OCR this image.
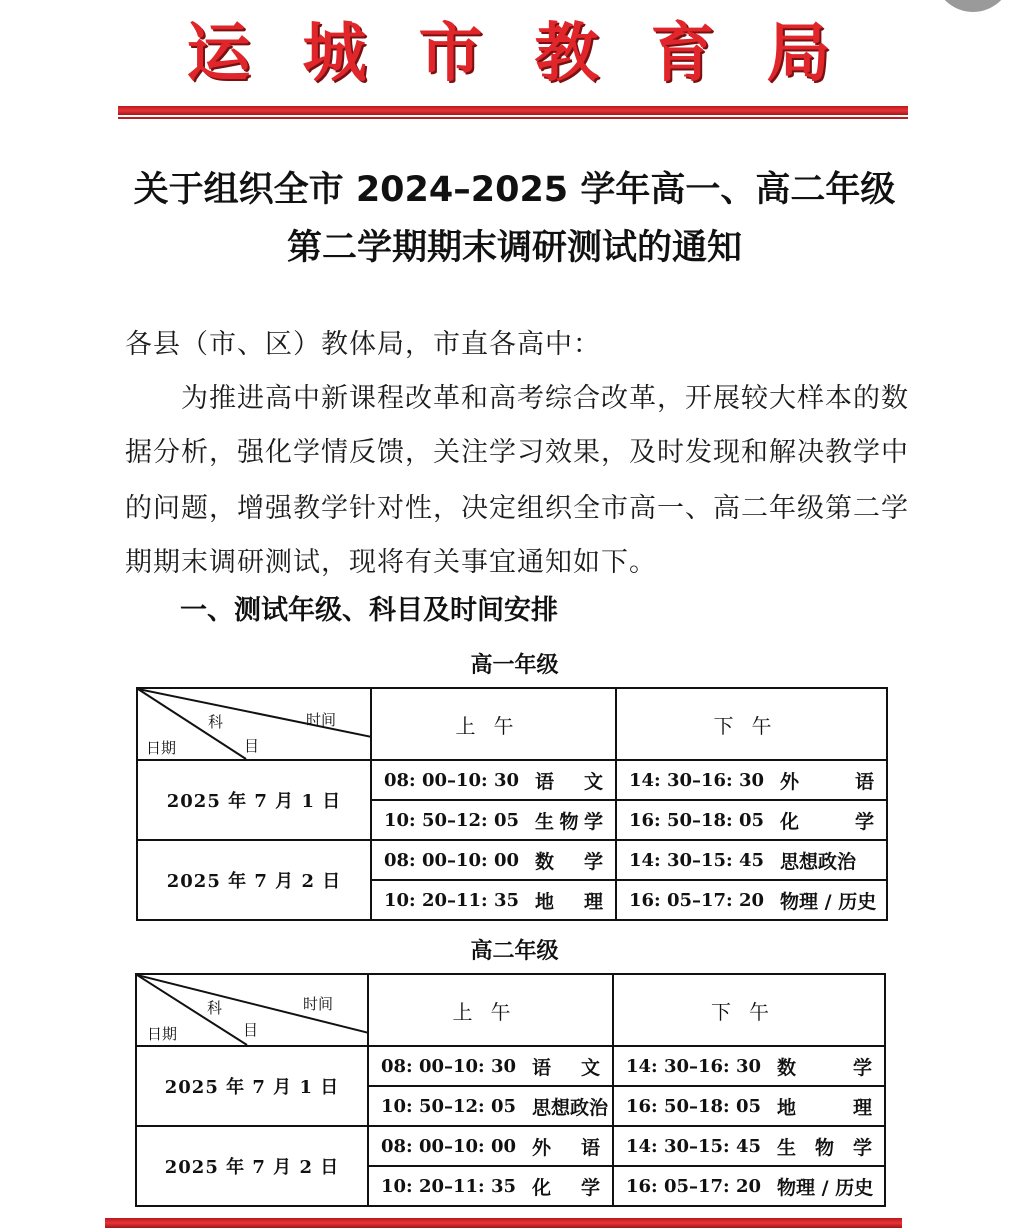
运城市教育局
关于组织全市 2024–2025 学年高一、高二年级
第二学期期末调研测试的通知
各县（市、区）教体局，市直各高中：
　　为推进高中新课程改革和高考综合改革，开展较大样本的数
据分析，强化学情反馈，关注学习效果，及时发现和解决教学中
的问题，增强教学针对性，决定组织全市高一、高二年级第二学
期期末调研测试，现将有关事宜通知如下。
一、测试年级、科目及时间安排
高一年级
时间
科
目
日期	上午	下午
2025 年 7 月 1 日	08: 00–10: 30 语 文	14: 30–16: 30 外 语

	10: 50–12: 05 生 物 学	16: 50–18: 05 化 学

2025 年 7 月 2 日	08: 00–10: 00 数 学	14: 30–15: 45 思想政治

	10: 20–11: 35 地 理	16: 05–17: 20 物理 / 历史
高二年级
时间
科
目
日期	上午	下午
2025 年 7 月 1 日	08: 00–10: 30 语 文	14: 30–16: 30 数 学

	10: 50–12: 05 思想政治	16: 50–18: 05 地 理

2025 年 7 月 2 日	08: 00–10: 00 外 语	14: 30–15: 45 生 物 学

	10: 20–11: 35 化 学	16: 05–17: 20 物理 / 历史
